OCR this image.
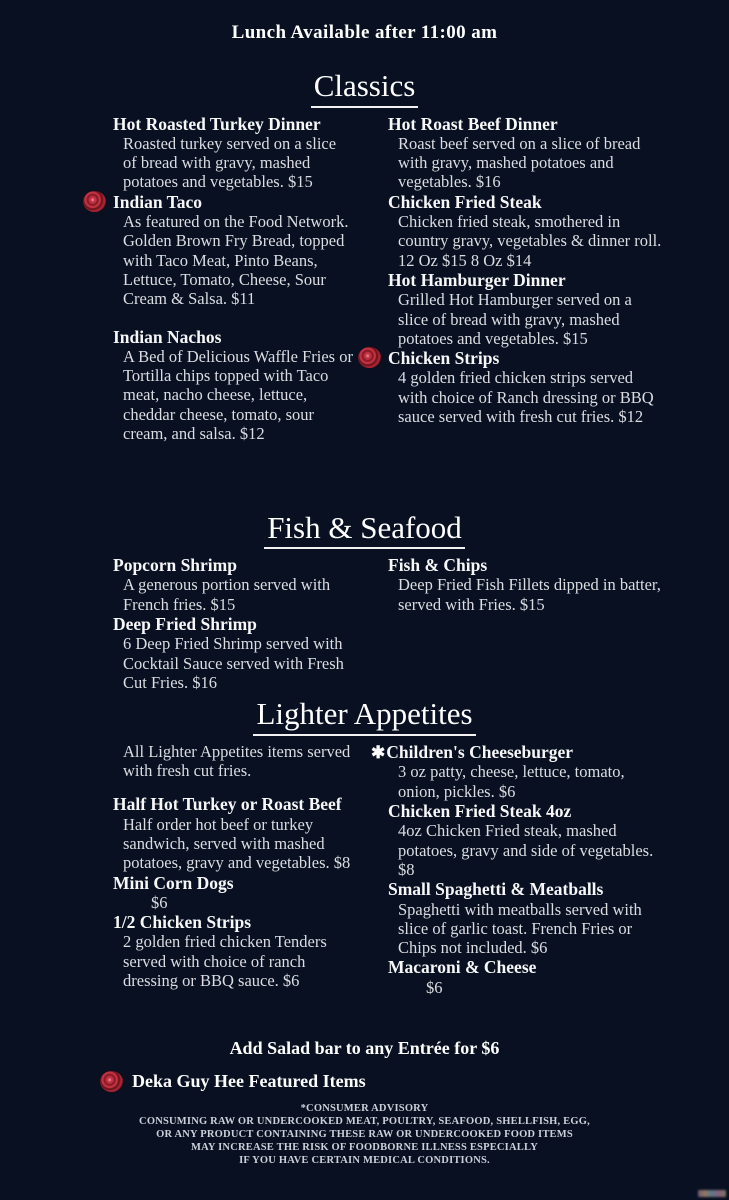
Lunch Available after 11:00 am
Classics
Hot Roasted Turkey Dinner
Roasted turkey served on a slice of bread with gravy, mashed potatoes and vegetables. $15
Indian Taco
As featured on the Food Network. Golden Brown Fry Bread, topped with Taco Meat, Pinto Beans, Lettuce, Tomato, Cheese, Sour Cream & Salsa. $11
Indian Nachos
A Bed of Delicious Waffle Fries or Tortilla chips topped with Taco meat, nacho cheese, lettuce, cheddar cheese, tomato, sour cream, and salsa. $12
Hot Roast Beef Dinner
Roast beef served on a slice of bread with gravy, mashed potatoes and vegetables. $16
Chicken Fried Steak
Chicken fried steak, smothered in country gravy, vegetables & dinner roll. 12 Oz $15 8 Oz $14
Hot Hamburger Dinner
Grilled Hot Hamburger served on a slice of bread with gravy, mashed potatoes and vegetables. $15
Chicken Strips
4 golden fried chicken strips served with choice of Ranch dressing or BBQ sauce served with fresh cut fries. $12
Fish & Seafood
Popcorn Shrimp
A generous portion served with French fries. $15
Deep Fried Shrimp
6 Deep Fried Shrimp served with Cocktail Sauce served with Fresh Cut Fries. $16
Fish & Chips
Deep Fried Fish Fillets dipped in batter, served with Fries. $15
Lighter Appetites
All Lighter Appetites items served with fresh cut fries.
Half Hot Turkey or Roast Beef
Half order hot beef or turkey sandwich, served with mashed potatoes, gravy and vegetables. $8
Mini Corn Dogs
$6
1/2 Chicken Strips
2 golden fried chicken Tenders served with choice of ranch dressing or BBQ sauce. $6
✱Children's Cheeseburger
3 oz patty, cheese, lettuce, tomato, onion, pickles. $6
Chicken Fried Steak 4oz
4oz Chicken Fried steak, mashed potatoes, gravy and side of vegetables. $8
Small Spaghetti & Meatballs
Spaghetti with meatballs served with slice of garlic toast. French Fries or Chips not included. $6
Macaroni & Cheese
$6
Add Salad bar to any Entrée for $6
Deka Guy Hee Featured Items
*CONSUMER ADVISORY
CONSUMING RAW OR UNDERCOOKED MEAT, POULTRY, SEAFOOD, SHELLFISH, EGG,
OR ANY PRODUCT CONTAINING THESE RAW OR UNDERCOOKED FOOD ITEMS
MAY INCREASE THE RISK OF FOODBORNE ILLNESS ESPECIALLY
IF YOU HAVE CERTAIN MEDICAL CONDITIONS.
